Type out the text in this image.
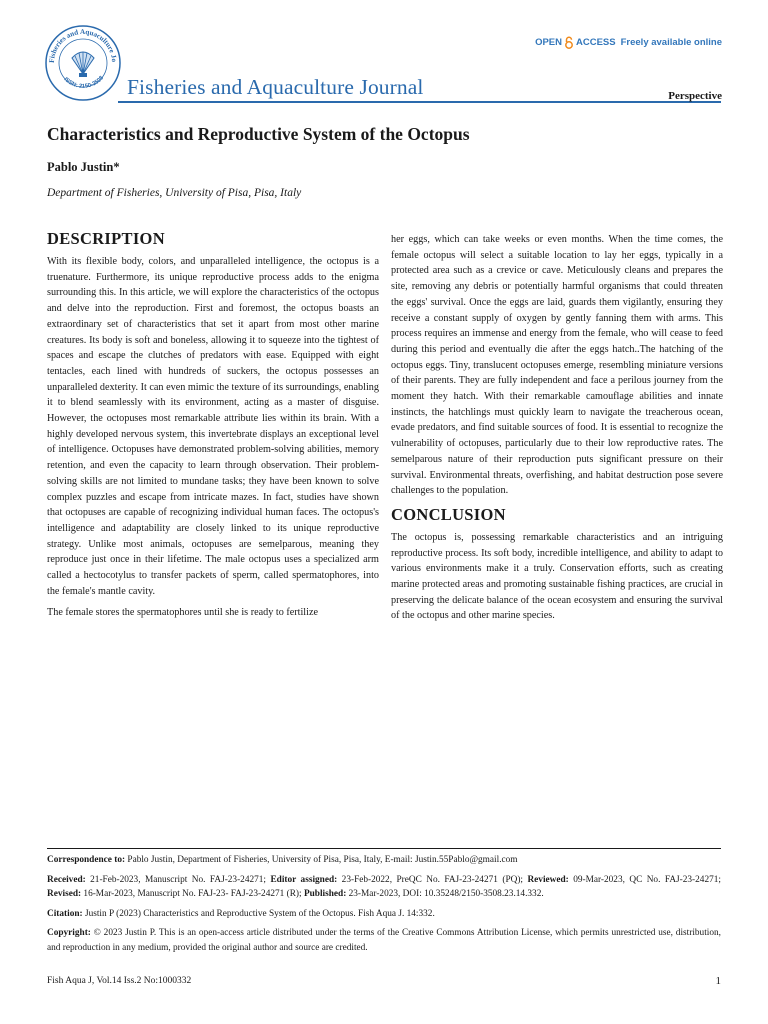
Fisheries and Aquaculture Jo
ISSN: 2150-3508 Fisheries and Aquaculture Journal
OPEN ACCESS Freely available online
Perspective
Characteristics and Reproductive System of the Octopus
Pablo Justin*
Department of Fisheries, University of Pisa, Pisa, Italy
DESCRIPTION

With its flexible body, colors, and unparalleled intelligence, the octopus is a truenature. Furthermore, its unique reproductive process adds to the enigma surrounding this. In this article, we will explore the characteristics of the octopus and delve into the reproduction. First and foremost, the octopus boasts an extraordinary set of characteristics that set it apart from most other marine creatures. Its body is soft and boneless, allowing it to squeeze into the tightest of spaces and escape the clutches of predators with ease. Equipped with eight tentacles, each lined with hundreds of suckers, the octopus possesses an unparalleled dexterity. It can even mimic the texture of its surroundings, enabling it to blend seamlessly with its environment, acting as a master of disguise. However, the octopuses most remarkable attribute lies within its brain. With a highly developed nervous system, this invertebrate displays an exceptional level of intelligence. Octopuses have demonstrated problem-solving abilities, memory retention, and even the capacity to learn through observation. Their problem-solving skills are not limited to mundane tasks; they have been known to solve complex puzzles and escape from intricate mazes. In fact, studies have shown that octopuses are capable of recognizing individual human faces. The octopus's intelligence and adaptability are closely linked to its unique reproductive strategy. Unlike most animals, octopuses are semelparous, meaning they reproduce just once in their lifetime. The male octopus uses a specialized arm called a hectocotylus to transfer packets of sperm, called spermatophores, into the female's mantle cavity.

The female stores the spermatophores until she is ready to fertilize

her eggs, which can take weeks or even months. When the time comes, the female octopus will select a suitable location to lay her eggs, typically in a protected area such as a crevice or cave. Meticulously cleans and prepares the site, removing any debris or potentially harmful organisms that could threaten the eggs' survival. Once the eggs are laid, guards them vigilantly, ensuring they receive a constant supply of oxygen by gently fanning them with arms. This process requires an immense and energy from the female, who will cease to feed during this period and eventually die after the eggs hatch..The hatching of the octopus eggs. Tiny, translucent octopuses emerge, resembling miniature versions of their parents. They are fully independent and face a perilous journey from the moment they hatch. With their remarkable camouflage abilities and innate instincts, the hatchlings must quickly learn to navigate the treacherous ocean, evade predators, and find suitable sources of food. It is essential to recognize the vulnerability of octopuses, particularly due to their low reproductive rates. The semelparous nature of their reproduction puts significant pressure on their survival. Environmental threats, overfishing, and habitat destruction pose severe challenges to the population.

CONCLUSION

The octopus is, possessing remarkable characteristics and an intriguing reproductive process. Its soft body, incredible intelligence, and ability to adapt to various environments make it a truly. Conservation efforts, such as creating marine protected areas and promoting sustainable fishing practices, are crucial in preserving the delicate balance of the ocean ecosystem and ensuring the survival of the octopus and other marine species.

Correspondence to: Pablo Justin, Department of Fisheries, University of Pisa, Pisa, Italy, E-mail: Justin.55Pablo@gmail.com

Received: 21-Feb-2023, Manuscript No. FAJ-23-24271; Editor assigned: 23-Feb-2022, PreQC No. FAJ-23-24271 (PQ); Reviewed: 09-Mar-2023, QC No. FAJ-23-24271; Revised: 16-Mar-2023, Manuscript No. FAJ-23- FAJ-23-24271 (R); Published: 23-Mar-2023, DOI: 10.35248/2150-3508.23.14.332.

Citation: Justin P (2023) Characteristics and Reproductive System of the Octopus. Fish Aqua J. 14:332.

Copyright: © 2023 Justin P. This is an open-access article distributed under the terms of the Creative Commons Attribution License, which permits unrestricted use, distribution, and reproduction in any medium, provided the original author and source are credited.

Fish Aqua J, Vol.14 Iss.2 No:1000332	1
